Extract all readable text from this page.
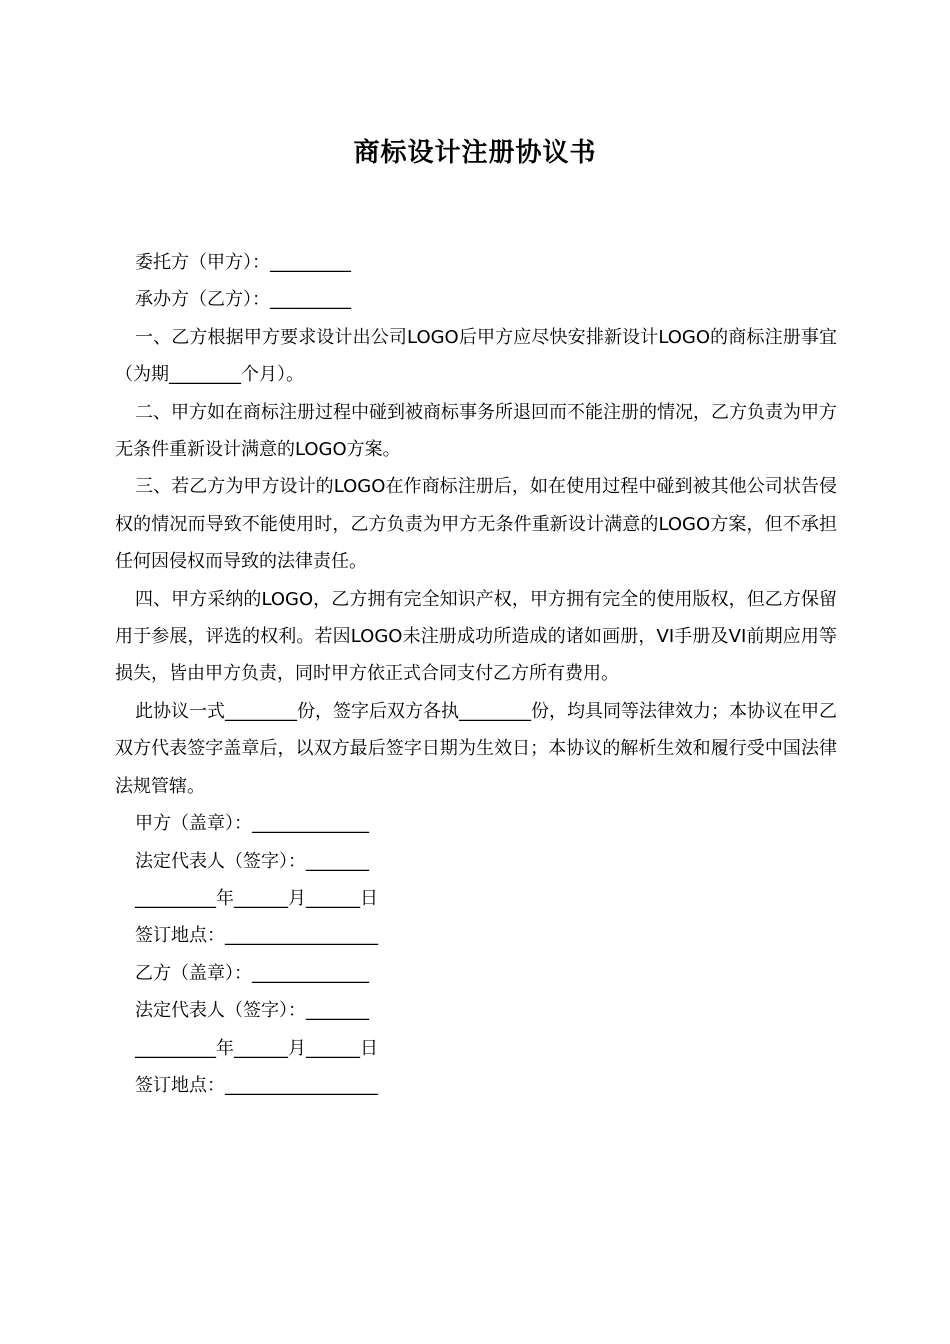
商标设计注册协议书

委托方（甲方）：_________

承办方（乙方）：_________

一、乙方根据甲方要求设计出公司LOGO后甲方应尽快安排新设计LOGO的商标注册事宜（为期________个月）。

二、甲方如在商标注册过程中碰到被商标事务所退回而不能注册的情况，乙方负责为甲方无条件重新设计满意的LOGO方案。

三、若乙方为甲方设计的LOGO在作商标注册后，如在使用过程中碰到被其他公司状告侵权的情况而导致不能使用时，乙方负责为甲方无条件重新设计满意的LOGO方案，但不承担任何因侵权而导致的法律责任。

四、甲方采纳的LOGO，乙方拥有完全知识产权，甲方拥有完全的使用版权，但乙方保留用于参展，评选的权利。若因LOGO未注册成功所造成的诸如画册，VI手册及VI前期应用等损失，皆由甲方负责，同时甲方依正式合同支付乙方所有费用。

此协议一式________份，签字后双方各执________份，均具同等法律效力；本协议在甲乙双方代表签字盖章后，以双方最后签字日期为生效日；本协议的解析生效和履行受中国法律法规管辖。

甲方（盖章）：_____________

法定代表人（签字）：_______

_________年______月______日

签订地点：_________________

乙方（盖章）：_____________

法定代表人（签字）：_______

_________年______月______日

签订地点：_________________
